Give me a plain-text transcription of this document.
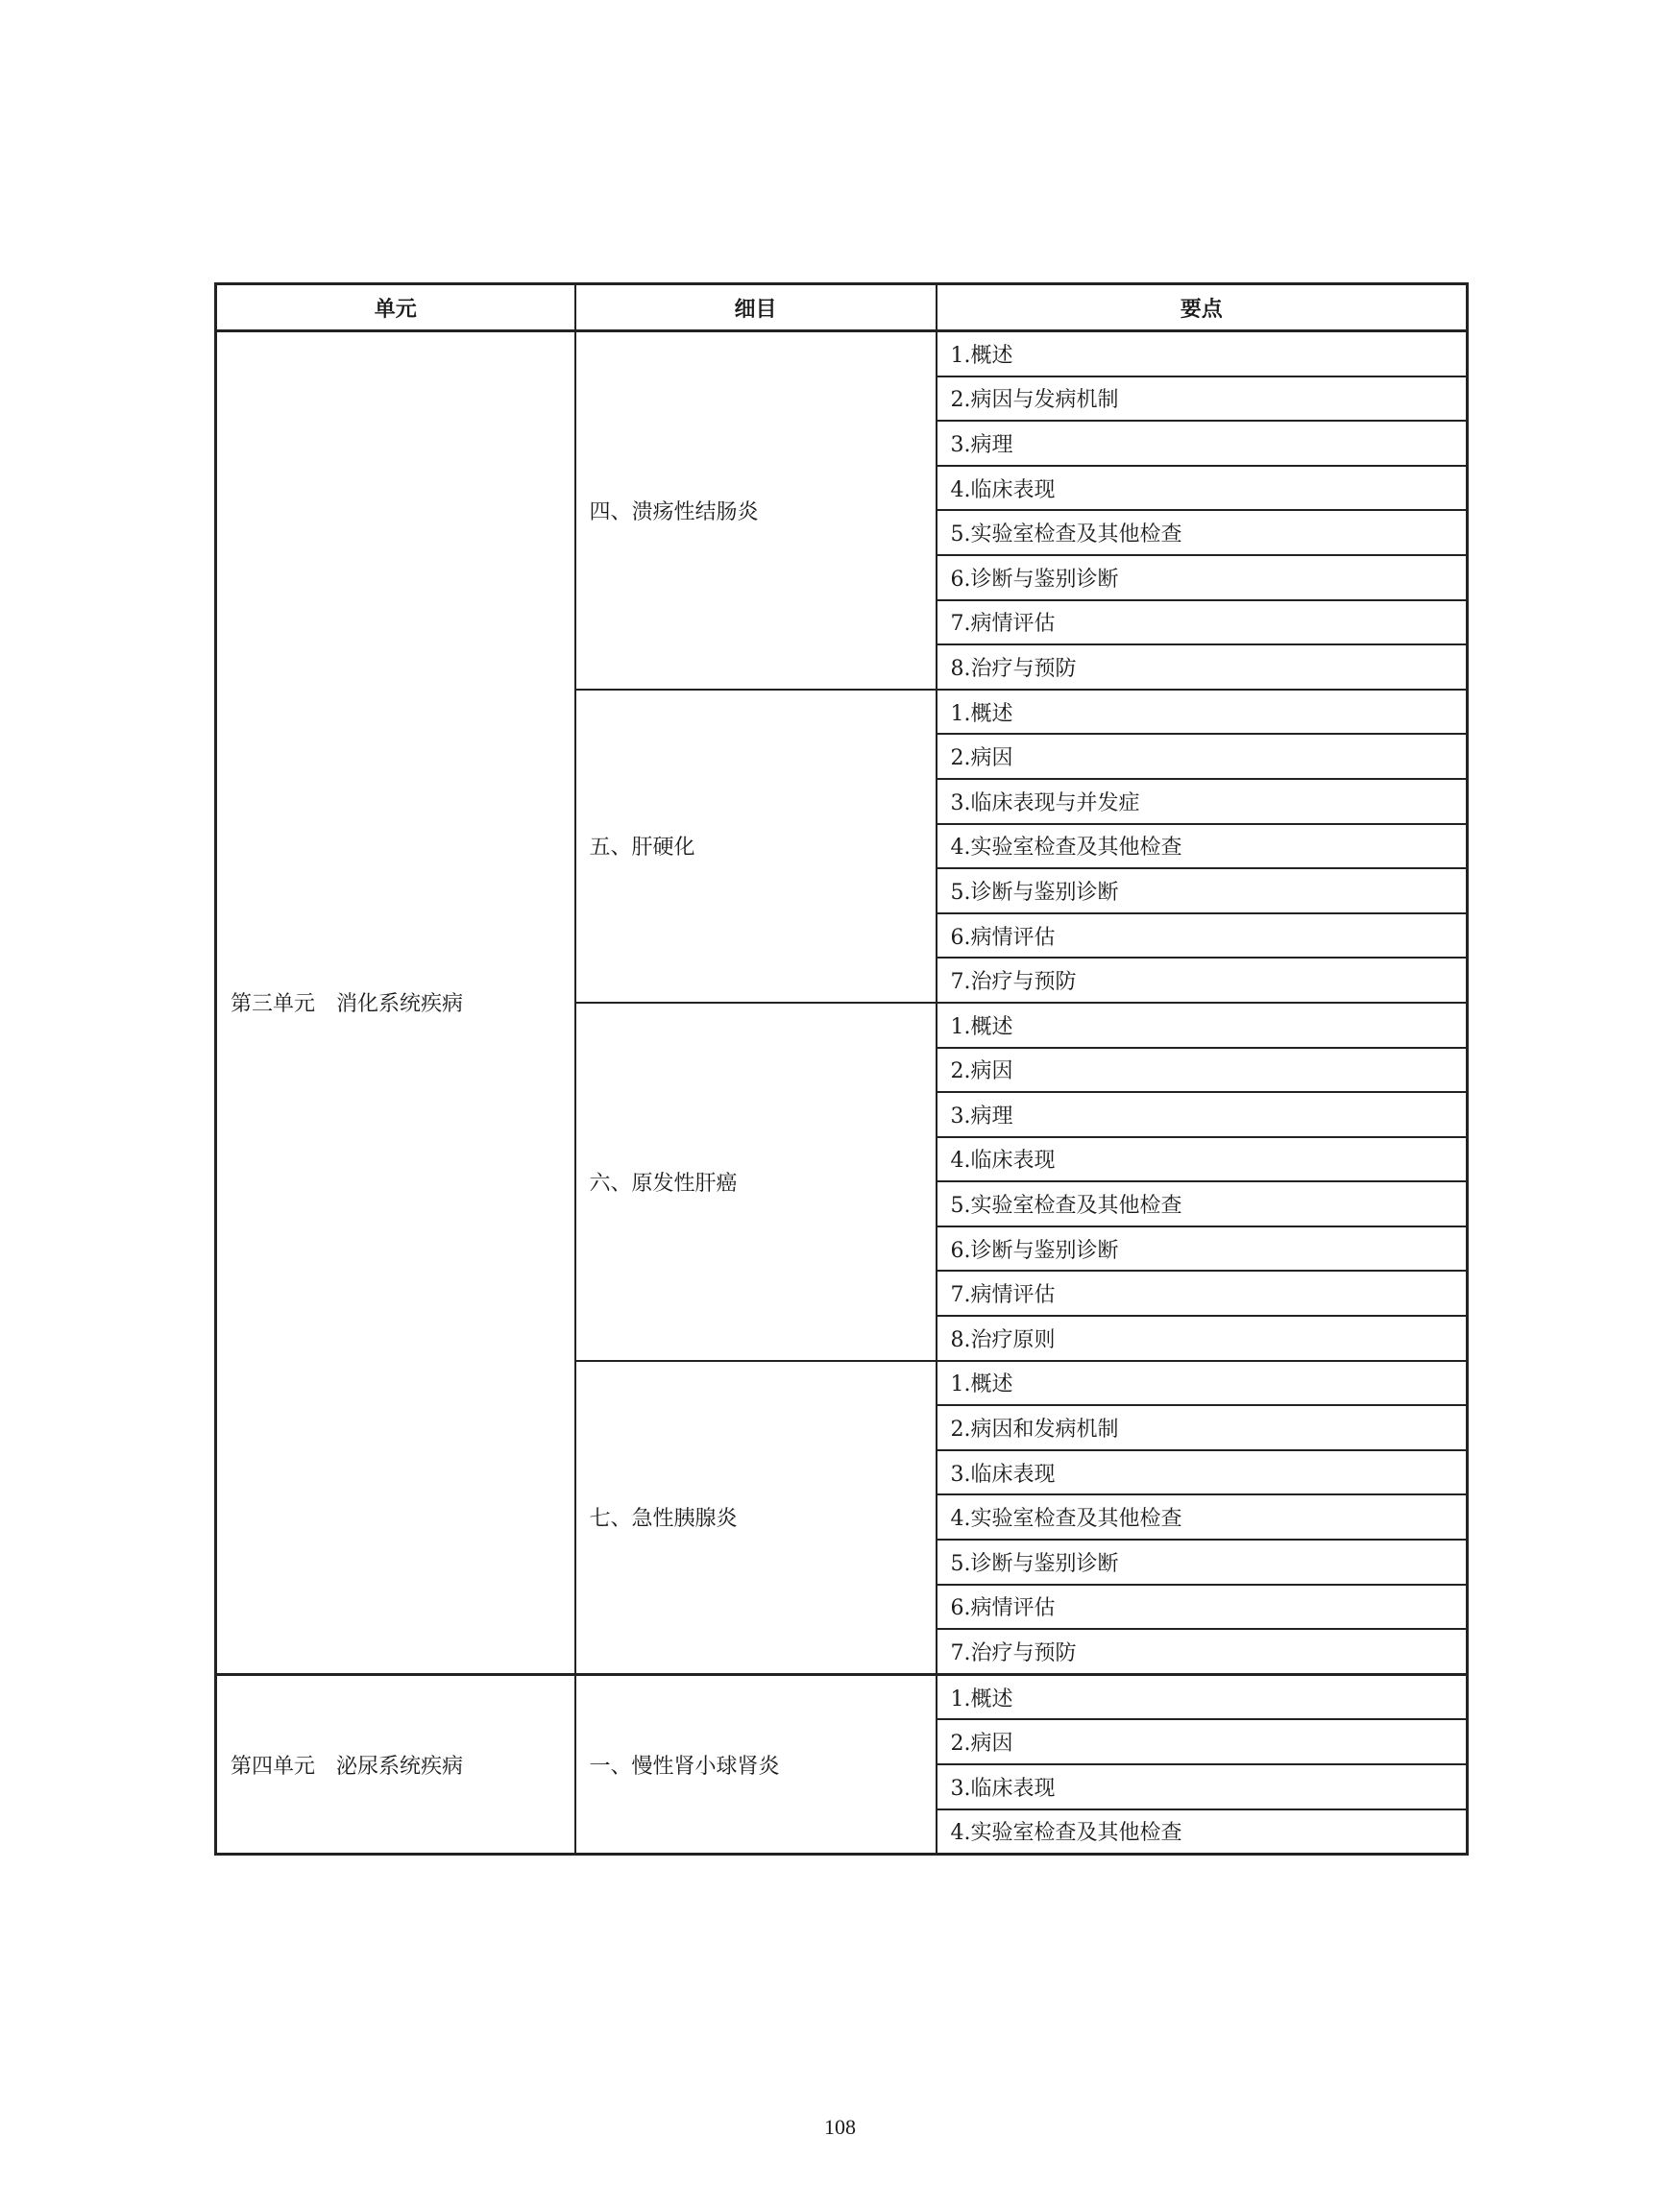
单元	细目	要点
第三单元　消化系统疾病	四、溃疡性结肠炎	1.概述
		2.病因与发病机制
		3.病理
		4.临床表现
		5.实验室检查及其他检查
		6.诊断与鉴别诊断
		7.病情评估
		8.治疗与预防
	五、肝硬化	1.概述
		2.病因
		3.临床表现与并发症
		4.实验室检查及其他检查
		5.诊断与鉴别诊断
		6.病情评估
		7.治疗与预防
	六、原发性肝癌	1.概述
		2.病因
		3.病理
		4.临床表现
		5.实验室检查及其他检查
		6.诊断与鉴别诊断
		7.病情评估
		8.治疗原则
	七、急性胰腺炎	1.概述
		2.病因和发病机制
		3.临床表现
		4.实验室检查及其他检查
		5.诊断与鉴别诊断
		6.病情评估
		7.治疗与预防
第四单元　泌尿系统疾病	一、慢性肾小球肾炎	1.概述
		2.病因
		3.临床表现
		4.实验室检查及其他检查
108
